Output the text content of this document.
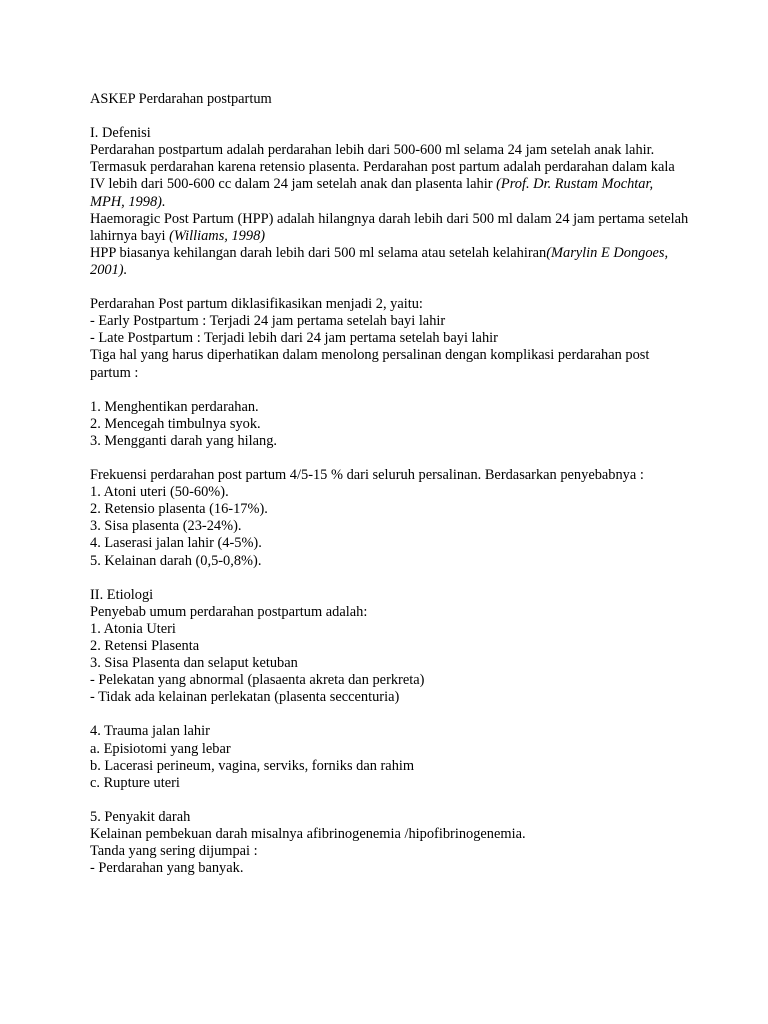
ASKEP Perdarahan postpartum

I. Defenisi

Perdarahan postpartum adalah perdarahan lebih dari 500-600 ml selama 24 jam setelah anak lahir. Termasuk perdarahan karena retensio plasenta. Perdarahan post partum adalah perdarahan dalam kala IV lebih dari 500-600 cc dalam 24 jam setelah anak dan plasenta lahir (Prof. Dr. Rustam Mochtar, MPH, 1998).

Haemoragic Post Partum (HPP) adalah hilangnya darah lebih dari 500 ml dalam 24 jam pertama setelah lahirnya bayi (Williams, 1998)

HPP biasanya kehilangan darah lebih dari 500 ml selama atau setelah kelahiran(Marylin E Dongoes, 2001).

Perdarahan Post partum diklasifikasikan menjadi 2, yaitu:

- Early Postpartum : Terjadi 24 jam pertama setelah bayi lahir

- Late Postpartum : Terjadi lebih dari 24 jam pertama setelah bayi lahir

Tiga hal yang harus diperhatikan dalam menolong persalinan dengan komplikasi perdarahan post partum :

1. Menghentikan perdarahan.

2. Mencegah timbulnya syok.

3. Mengganti darah yang hilang.

Frekuensi perdarahan post partum 4/5-15 % dari seluruh persalinan. Berdasarkan penyebabnya :

1. Atoni uteri (50-60%).

2. Retensio plasenta (16-17%).

3. Sisa plasenta (23-24%).

4. Laserasi jalan lahir (4-5%).

5. Kelainan darah (0,5-0,8%).

II. Etiologi

Penyebab umum perdarahan postpartum adalah:

1. Atonia Uteri

2. Retensi Plasenta

3. Sisa Plasenta dan selaput ketuban

- Pelekatan yang abnormal (plasaenta akreta dan perkreta)

- Tidak ada kelainan perlekatan (plasenta seccenturia)

4. Trauma jalan lahir

a. Episiotomi yang lebar

b. Lacerasi perineum, vagina, serviks, forniks dan rahim

c. Rupture uteri

5. Penyakit darah

Kelainan pembekuan darah misalnya afibrinogenemia /hipofibrinogenemia.

Tanda yang sering dijumpai :

- Perdarahan yang banyak.
